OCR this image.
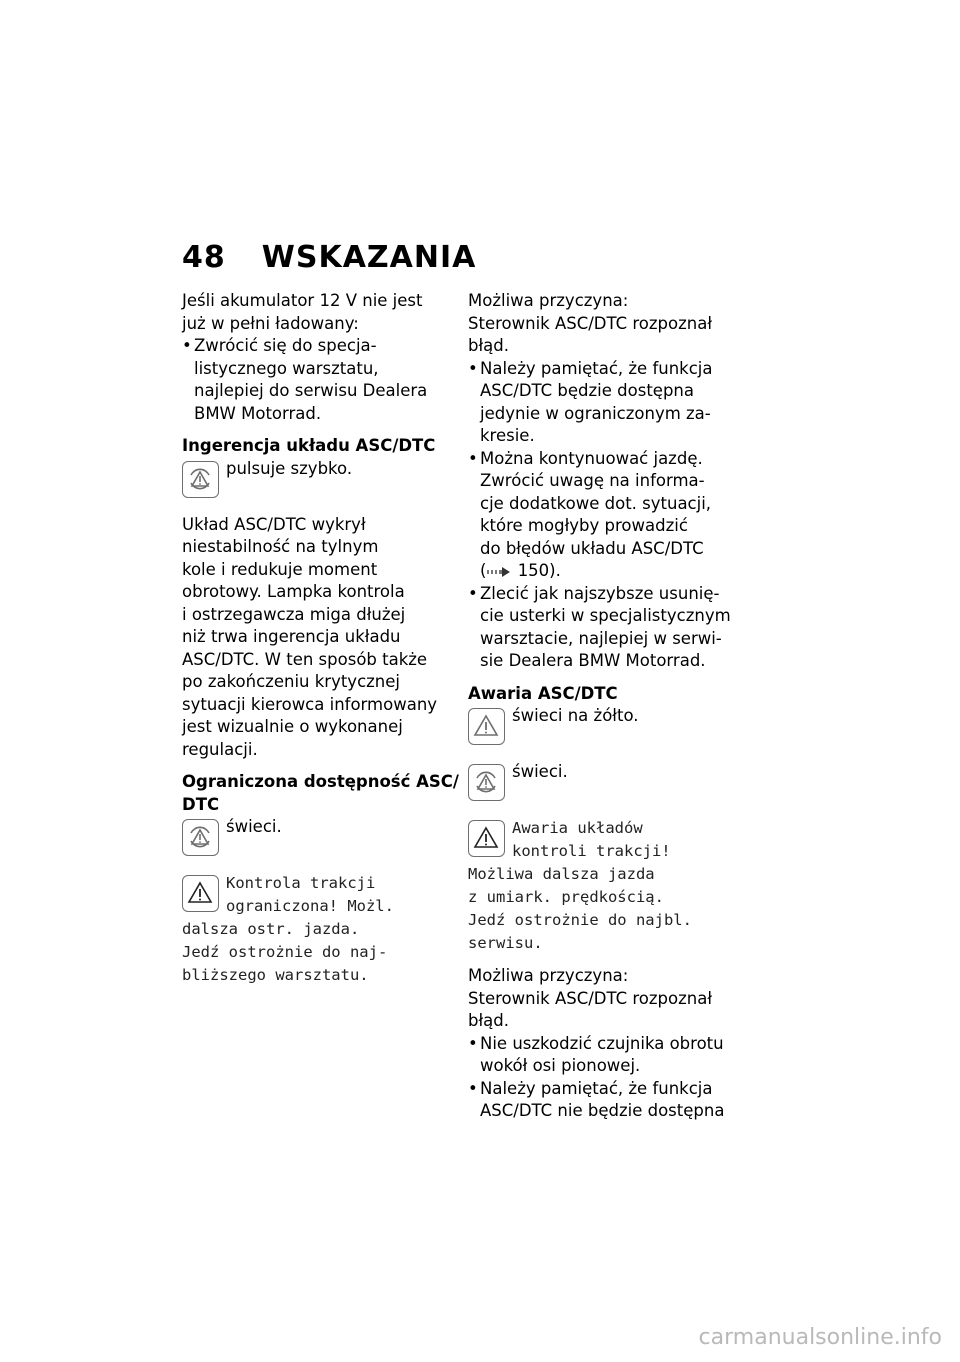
48 WSKAZANIA
Jeśli akumulator 12 V nie jest
już w pełni ładowany:
• Zwrócić się do specja-
listycznego warsztatu,
najlepiej do serwisu Dealera
BMW Motorrad.
Ingerencja układu ASC/DTC
pulsuje szybko.
Układ ASC/DTC wykrył
niestabilność na tylnym
kole i redukuje moment
obrotowy. Lampka kontrola
i ostrzegawcza miga dłużej
niż trwa ingerencja układu
ASC/DTC. W ten sposób także
po zakończeniu krytycznej
sytuacji kierowca informowany
jest wizualnie o wykonanej
regulacji.
Ograniczona dostępność ASC/
DTC
świeci.
Kontrola trakcji
ograniczona! Możl.
dalsza ostr. jazda.
Jedź ostrożnie do naj-
bliższego warsztatu.
Możliwa przyczyna:
Sterownik ASC/DTC rozpoznał
błąd.
• Należy pamiętać, że funkcja
ASC/DTC będzie dostępna
jedynie w ograniczonym za-
kresie.
• Można kontynuować jazdę.
Zwrócić uwagę na informa-
cje dodatkowe dot. sytuacji,
które mogłyby prowadzić
do błędów układu ASC/DTC
( 150).
• Zlecić jak najszybsze usunię-
cie usterki w specjalistycznym
warsztacie, najlepiej w serwi-
sie Dealera BMW Motorrad.
Awaria ASC/DTC
świeci na żółto.
świeci.
Awaria układów
kontroli trakcji!
Możliwa dalsza jazda
z umiark. prędkością.
Jedź ostrożnie do najbl.
serwisu.
Możliwa przyczyna:
Sterownik ASC/DTC rozpoznał
błąd.
• Nie uszkodzić czujnika obrotu
wokół osi pionowej.
• Należy pamiętać, że funkcja
ASC/DTC nie będzie dostępna
carmanualsonline.info
